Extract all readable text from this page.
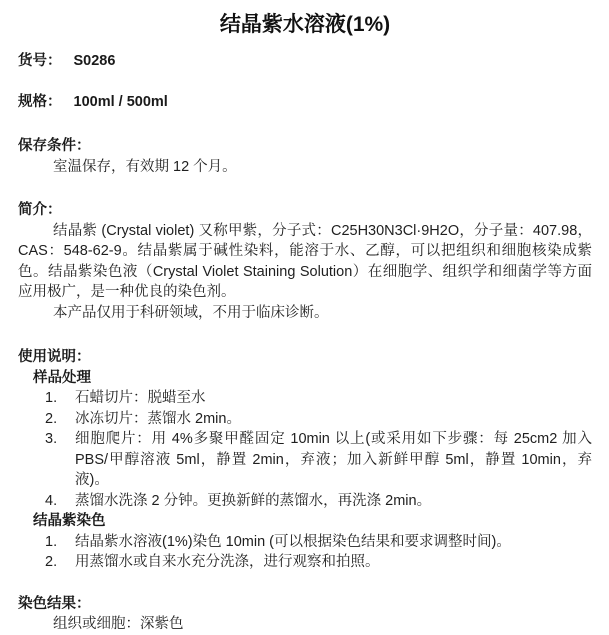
结晶紫水溶液(1%)
货号： S0286
规格： 100ml / 500ml
保存条件：
室温保存，有效期 12 个月。
简介：
结晶紫 (Crystal violet) 又称甲紫，分子式：C25H30N3Cl·9H2O，分子量：407.98，CAS：548-62-9。结晶紫属于碱性染料，能溶于水、乙醇，可以把组织和细胞核染成紫色。结晶紫染色液（Crystal Violet Staining Solution）在细胞学、组织学和细菌学等方面应用极广，是一种优良的染色剂。
本产品仅用于科研领域，不用于临床诊断。
使用说明：
样品处理
1.	石蜡切片：脱蜡至水
2.	冰冻切片：蒸馏水 2min。
3.	细胞爬片：用 4%多聚甲醛固定 10min 以上(或采用如下步骤：每 25cm2 加入 PBS/甲醇溶液 5ml，静置 2min，弃液；加入新鲜甲醇 5ml，静置 10min，弃液)。
4.	蒸馏水洗涤 2 分钟。更换新鲜的蒸馏水，再洗涤 2min。
结晶紫染色
1.	结晶紫水溶液(1%)染色 10min (可以根据染色结果和要求调整时间)。
2.	用蒸馏水或自来水充分洗涤，进行观察和拍照。
染色结果：
组织或细胞：深紫色
